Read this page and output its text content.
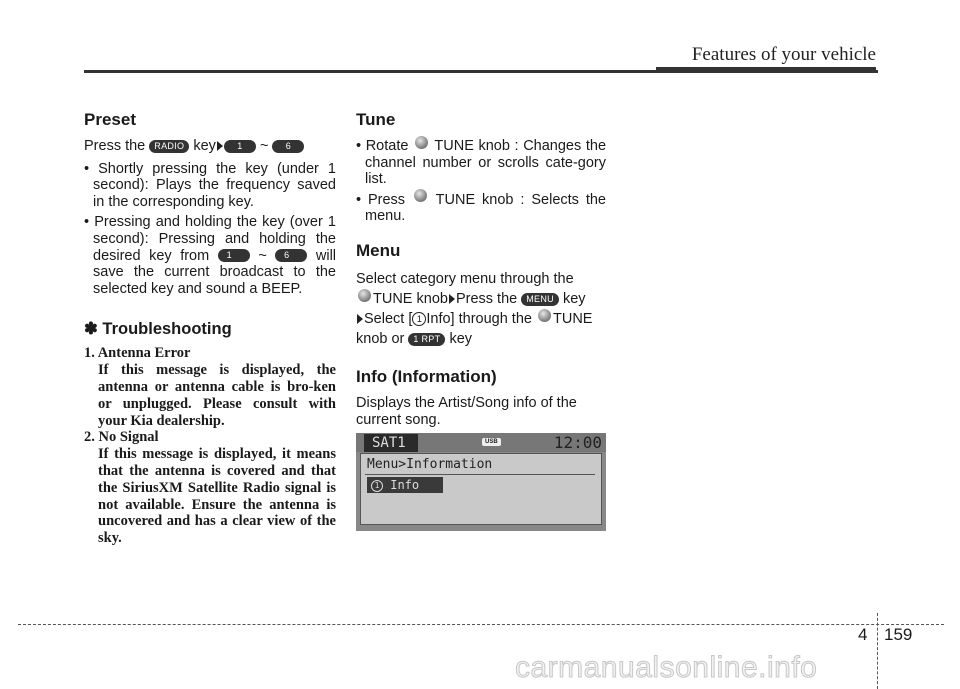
Features of your vehicle
Preset

Press the RADIO key 1 ~ 6

• Shortly pressing the key (under 1 second): Plays the frequency saved in the corresponding key.
• Pressing and holding the key (over 1 second): Pressing and holding the desired key from 1 ~ 6 will save the current broadcast to the selected key and sound a BEEP.
✽ Troubleshooting
1. Antenna Error
If this message is displayed, the antenna or antenna cable is bro-ken or unplugged. Please consult with your Kia dealership.
2. No Signal
If this message is displayed, it means that the antenna is covered and that the SiriusXM Satellite Radio signal is not available. Ensure the antenna is uncovered and has a clear view of the sky.
Tune
• Rotate TUNE knob : Changes the channel number or scrolls cate-gory list.
• Press TUNE knob : Selects the menu.
Menu

Select category menu through the
TUNE knob Press the MENU key
Select [ 1 Info] through the TUNE
knob or 1 RPT key

Info (Information)

Displays the Artist/Song info of the current song.

SAT1	USB	12:00
Menu>Information
1 Info
4 159
carmanualsonline.info
